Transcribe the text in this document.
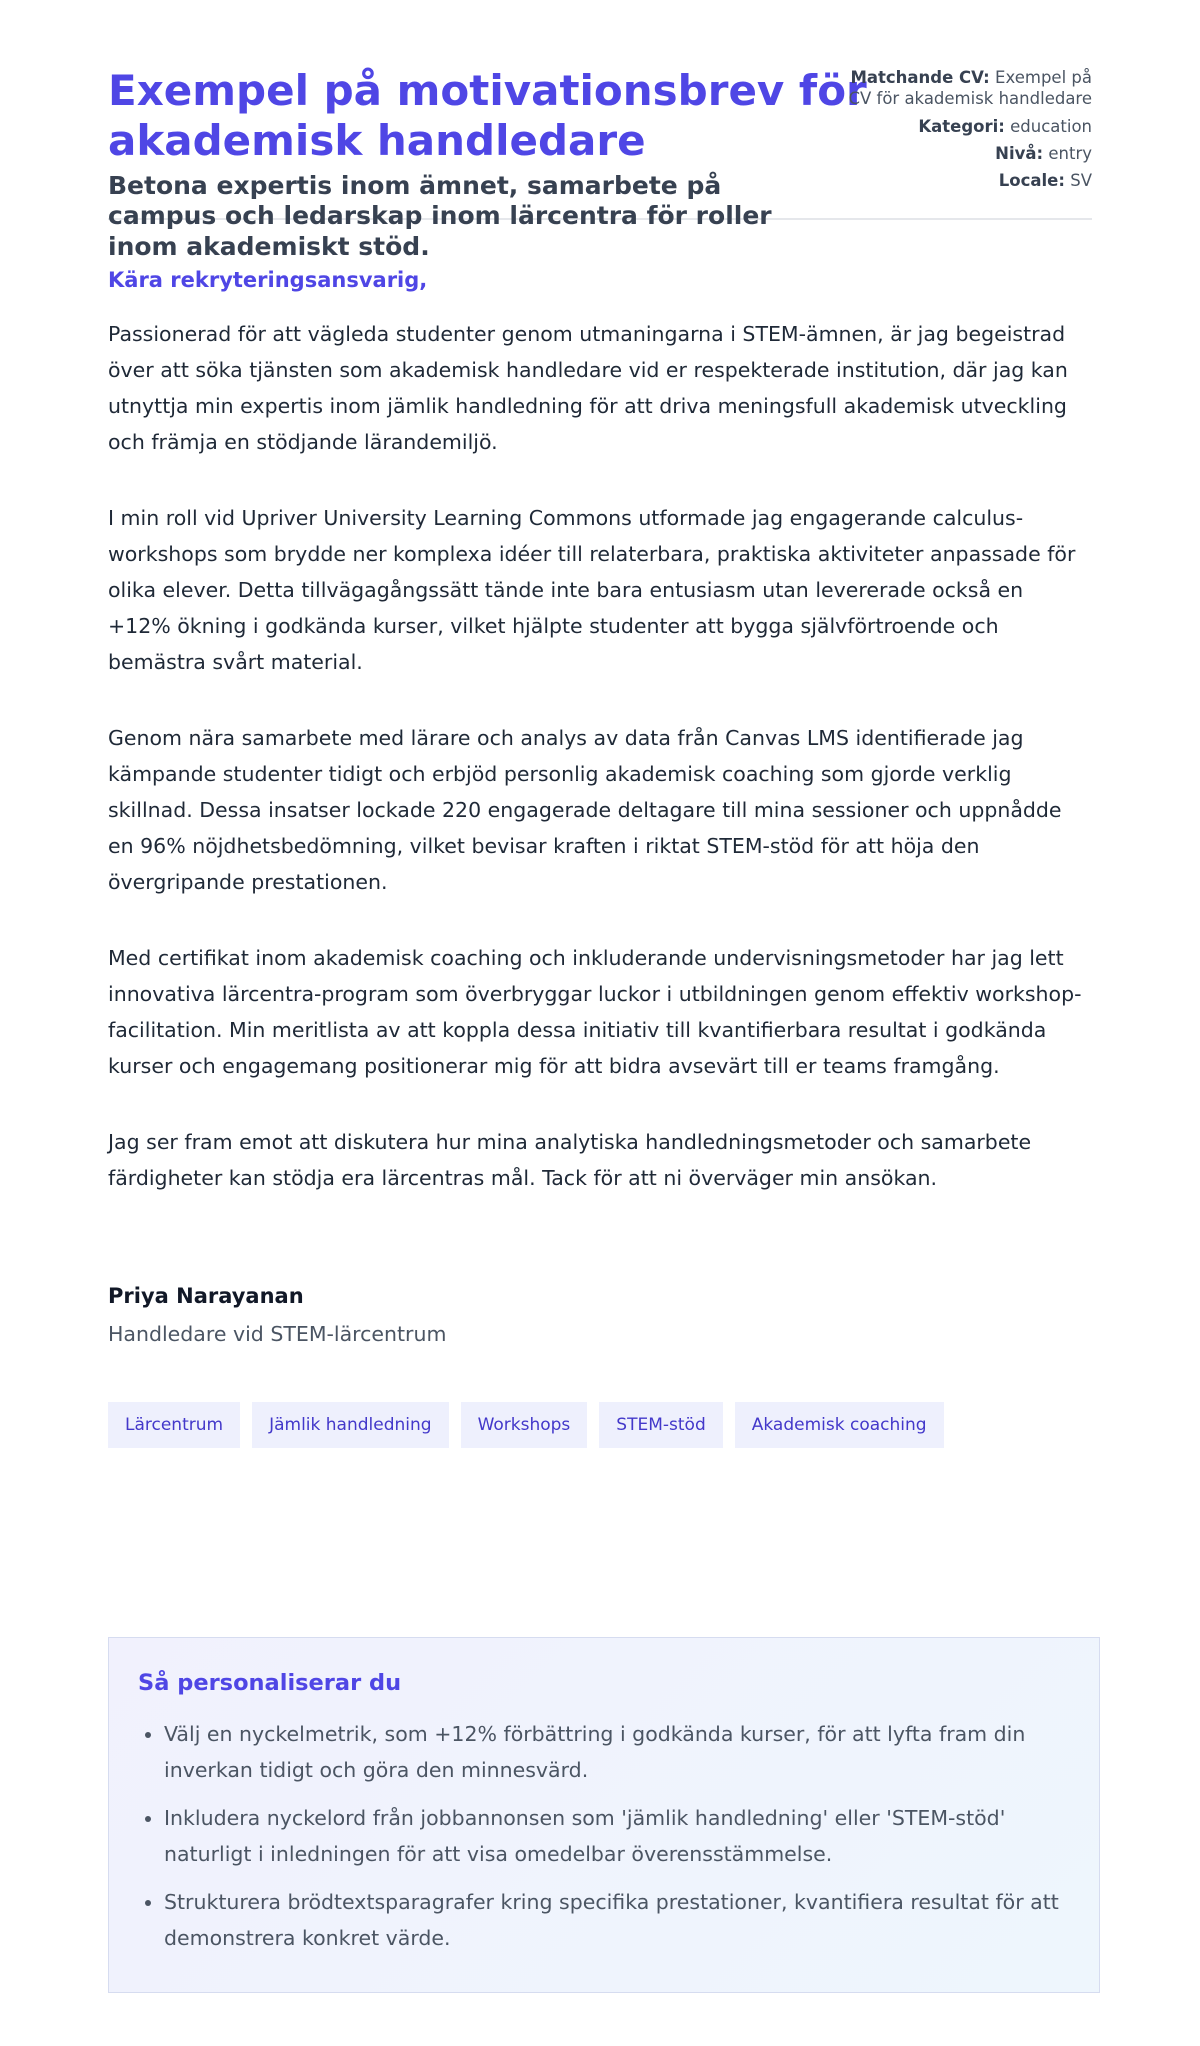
Exempel på motivationsbrev för akademisk handledare
Betona expertis inom ämnet, samarbete på campus och ledarskap inom lärcentra för roller inom akademiskt stöd.
Matchande CV: Exempel på CV för akademisk handledare
Kategori: education
Nivå: entry
Locale: SV
Kära rekryteringsansvarig,

Passionerad för att vägleda studenter genom utmaningarna i STEM-ämnen, är jag begeistrad över att söka tjänsten som akademisk handledare vid er respekterade institution, där jag kan utnyttja min expertis inom jämlik handledning för att driva meningsfull akademisk utveckling och främja en stödjande lärandemiljö.

I min roll vid Upriver University Learning Commons utformade jag engagerande calculus-workshops som brydde ner komplexa idéer till relaterbara, praktiska aktiviteter anpassade för olika elever. Detta tillvägagångssätt tände inte bara entusiasm utan levererade också en +12% ökning i godkända kurser, vilket hjälpte studenter att bygga självförtroende och bemästra svårt material.

Genom nära samarbete med lärare och analys av data från Canvas LMS identifierade jag kämpande studenter tidigt och erbjöd personlig akademisk coaching som gjorde verklig skillnad. Dessa insatser lockade 220 engagerade deltagare till mina sessioner och uppnådde en 96% nöjdhetsbedömning, vilket bevisar kraften i riktat STEM-stöd för att höja den övergripande prestationen.

Med certifikat inom akademisk coaching och inkluderande undervisningsmetoder har jag lett innovativa lärcentra-program som överbryggar luckor i utbildningen genom effektiv workshop-facilitation. Min meritlista av att koppla dessa initiativ till kvantifierbara resultat i godkända kurser och engagemang positionerar mig för att bidra avsevärt till er teams framgång.

Jag ser fram emot att diskutera hur mina analytiska handledningsmetoder och samarbete färdigheter kan stödja era lärcentras mål. Tack för att ni överväger min ansökan.

Priya Narayanan
Handledare vid STEM-lärcentrum
Lärcentrum	Jämlik handledning	Workshops	STEM-stöd	Akademisk coaching
Så personaliserar du
• Välj en nyckelmetrik, som +12% förbättring i godkända kurser, för att lyfta fram din inverkan tidigt och göra den minnesvärd.
• Inkludera nyckelord från jobbannonsen som 'jämlik handledning' eller 'STEM-stöd' naturligt i inledningen för att visa omedelbar överensstämmelse.
• Strukturera brödtextsparagrafer kring specifika prestationer, kvantifiera resultat för att demonstrera konkret värde.
